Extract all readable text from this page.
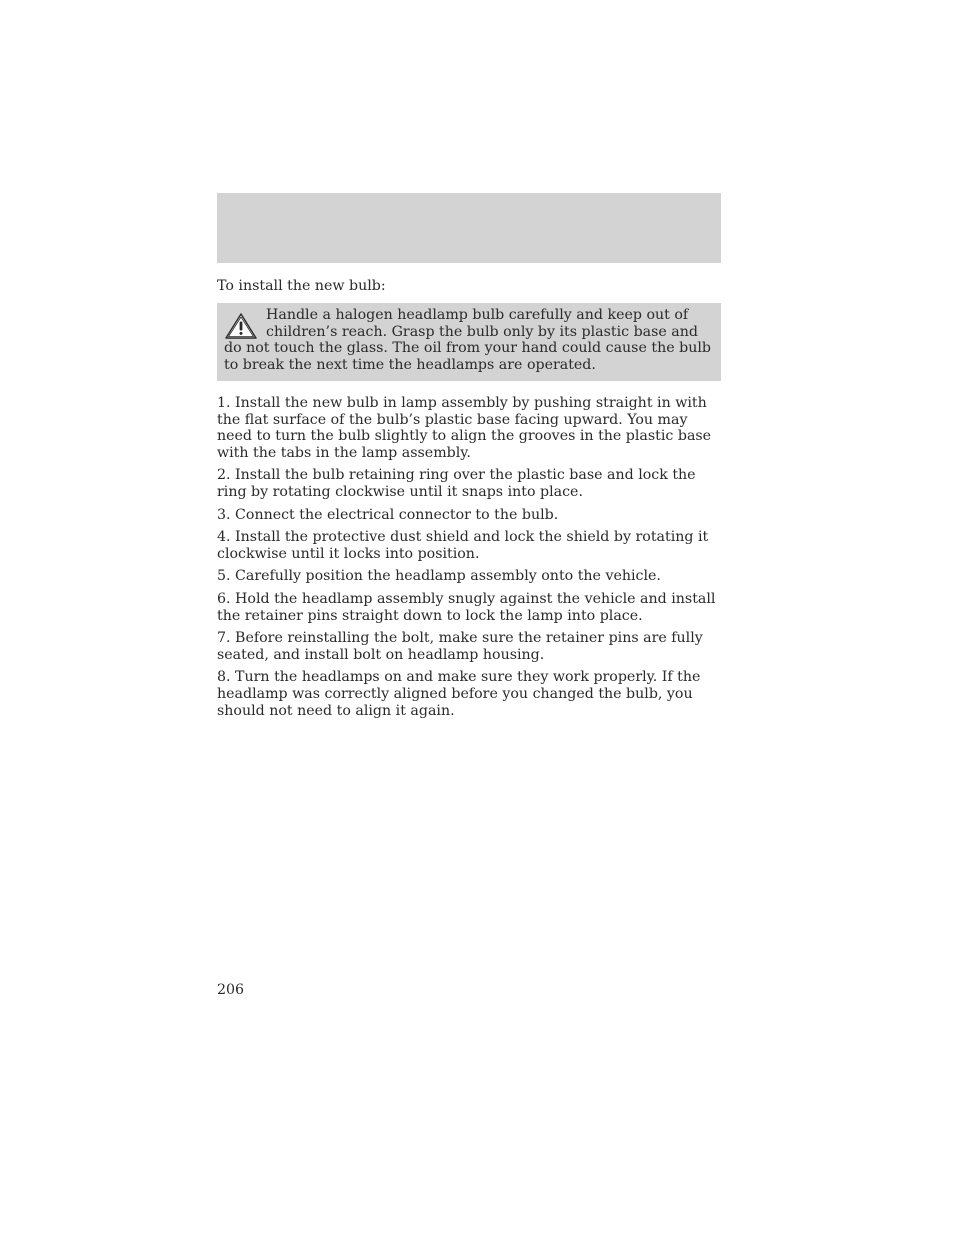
To install the new bulb:

Handle a halogen headlamp bulb carefully and keep out of children’s reach. Grasp the bulb only by its plastic base and do not touch the glass. The oil from your hand could cause the bulb to break the next time the headlamps are operated.

1. Install the new bulb in lamp assembly by pushing straight in with the flat surface of the bulb’s plastic base facing upward. You may need to turn the bulb slightly to align the grooves in the plastic base with the tabs in the lamp assembly.
2. Install the bulb retaining ring over the plastic base and lock the ring by rotating clockwise until it snaps into place.
3. Connect the electrical connector to the bulb.
4. Install the protective dust shield and lock the shield by rotating it clockwise until it locks into position.
5. Carefully position the headlamp assembly onto the vehicle.
6. Hold the headlamp assembly snugly against the vehicle and install the retainer pins straight down to lock the lamp into place.
7. Before reinstalling the bolt, make sure the retainer pins are fully seated, and install bolt on headlamp housing.
8. Turn the headlamps on and make sure they work properly. If the headlamp was correctly aligned before you changed the bulb, you should not need to align it again.
206
